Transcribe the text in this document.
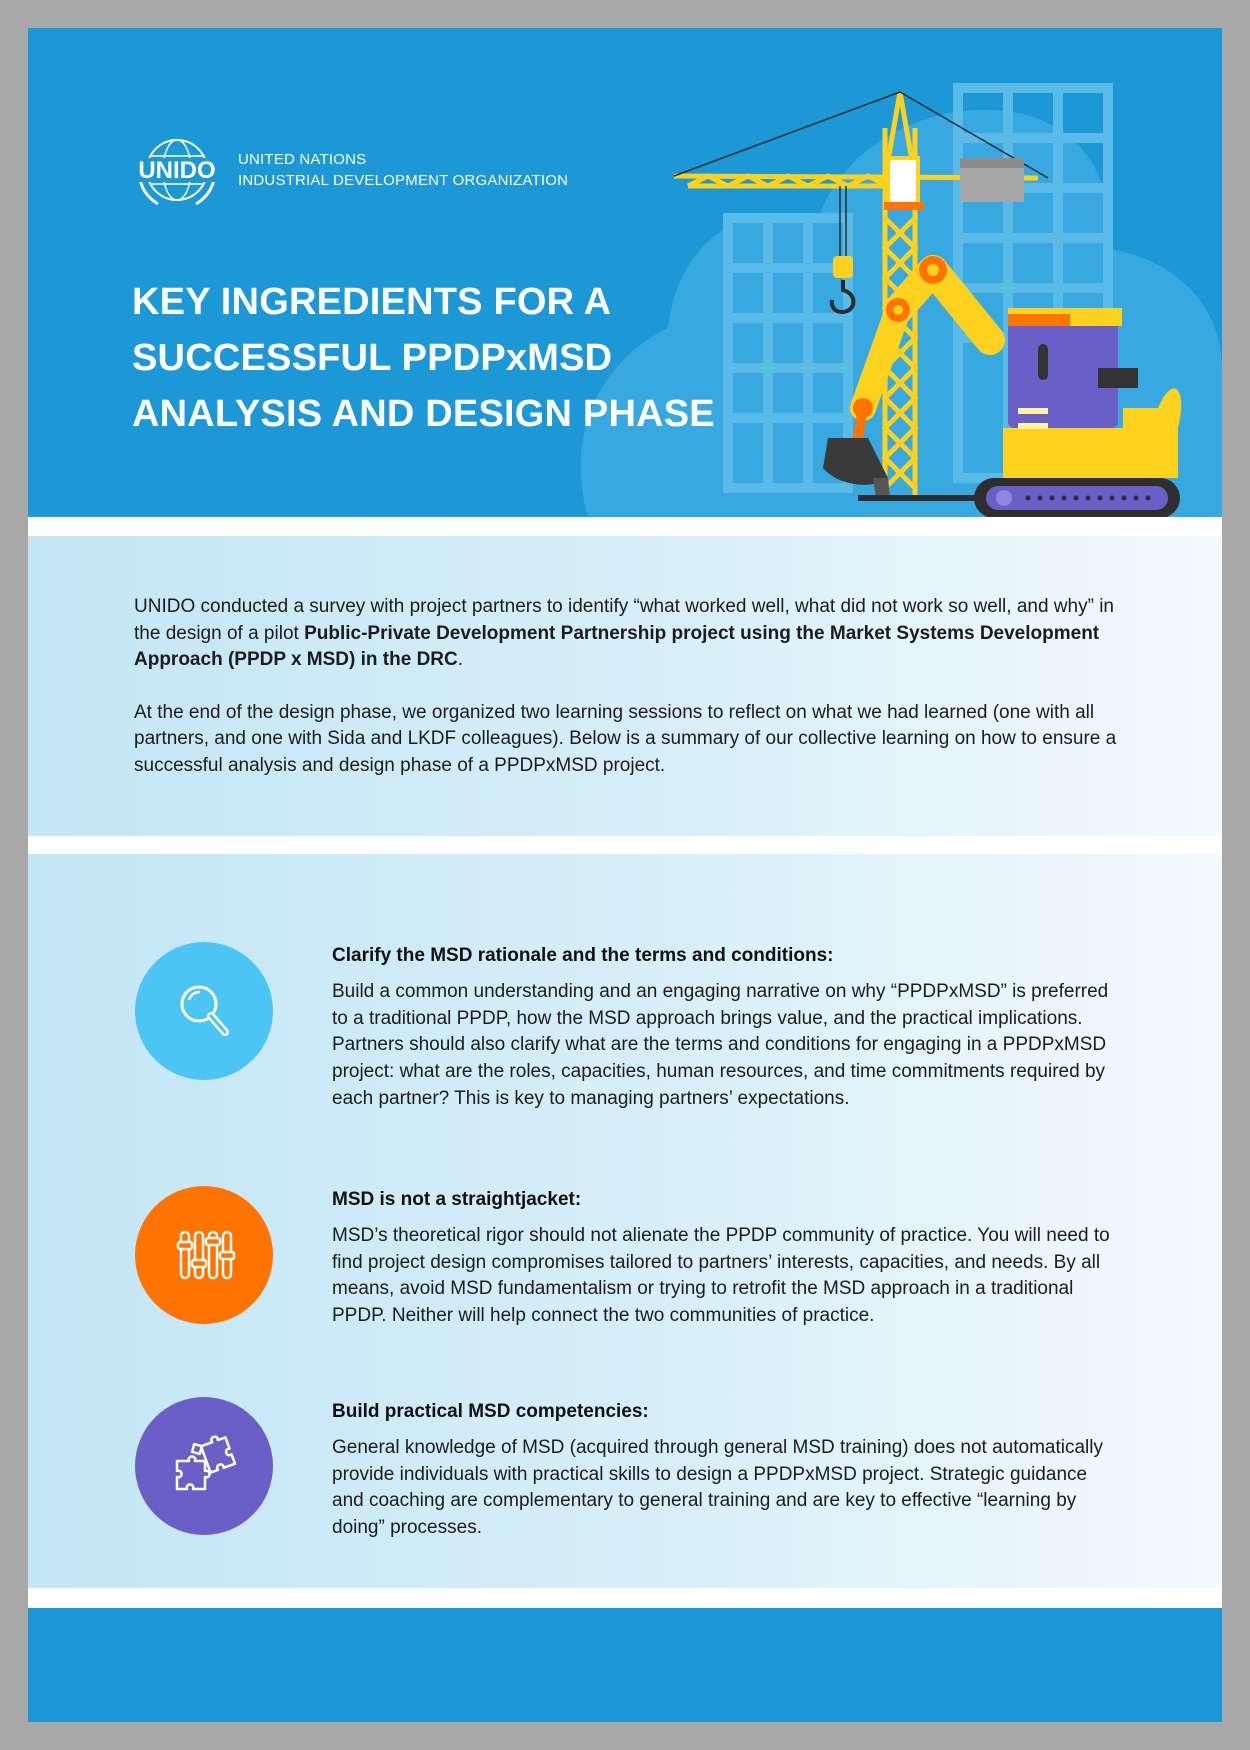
UNIDO UNITED NATIONS
INDUSTRIAL DEVELOPMENT ORGANIZATION
KEY INGREDIENTS FOR A
SUCCESSFUL PPDPxMSD
ANALYSIS AND DESIGN PHASE

UNIDO conducted a survey with project partners to identify “what worked well, what did not work so well, and why” in the design of a pilot Public-Private Development Partnership project using the Market Systems Development Approach (PPDP x MSD) in the DRC.

At the end of the design phase, we organized two learning sessions to reflect on what we had learned (one with all partners, and one with Sida and LKDF colleagues). Below is a summary of our collective learning on how to ensure a successful analysis and design phase of a PPDPxMSD project.

Clarify the MSD rationale and the terms and conditions:

Build a common understanding and an engaging narrative on why “PPDPxMSD” is preferred to a traditional PPDP, how the MSD approach brings value, and the practical implications. Partners should also clarify what are the terms and conditions for engaging in a PPDPxMSD project: what are the roles, capacities, human resources, and time commitments required by each partner? This is key to managing partners’ expectations.

MSD is not a straightjacket:

MSD’s theoretical rigor should not alienate the PPDP community of practice. You will need to find project design compromises tailored to partners’ interests, capacities, and needs. By all means, avoid MSD fundamentalism or trying to retrofit the MSD approach in a traditional PPDP. Neither will help connect the two communities of practice.

Build practical MSD competencies:

General knowledge of MSD (acquired through general MSD training) does not automatically provide individuals with practical skills to design a PPDPxMSD project. Strategic guidance and coaching are complementary to general training and are key to effective “learning by doing” processes.
